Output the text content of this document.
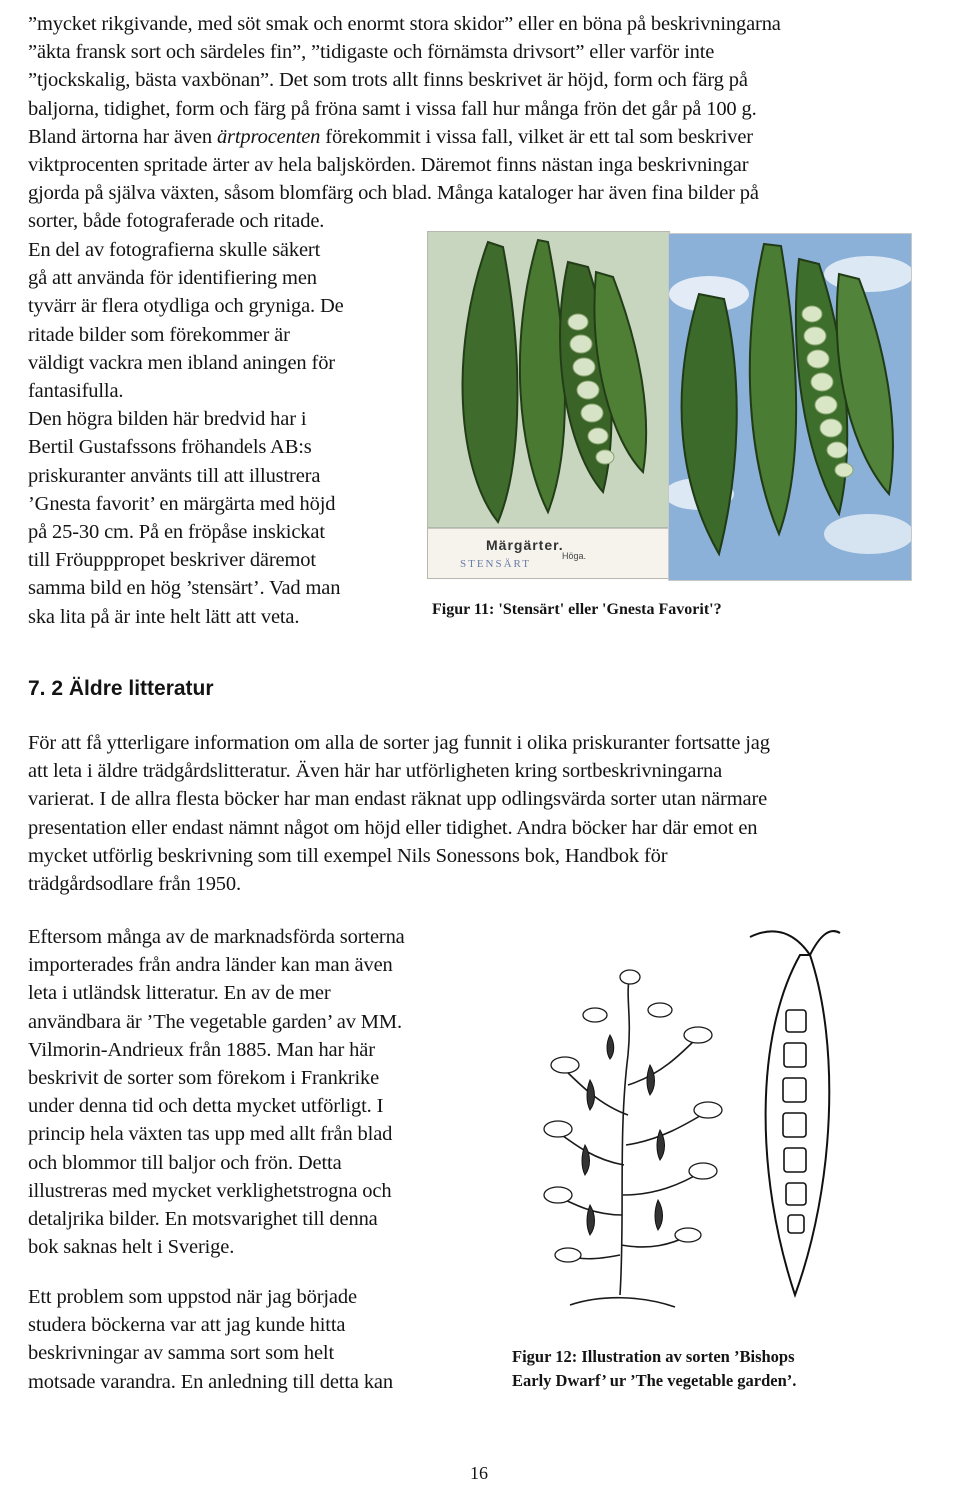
”mycket rikgivande, med söt smak och enormt stora skidor” eller en böna på beskrivningarna
”äkta fransk sort och särdeles fin”, ”tidigaste och förnämsta drivsort” eller varför inte
”tjockskalig, bästa vaxbönan”. Det som trots allt finns beskrivet är höjd, form och färg på
baljorna, tidighet, form och färg på fröna samt i vissa fall hur många frön det går på 100 g.
Bland ärtorna har även ärtprocenten förekommit i vissa fall, vilket är ett tal som beskriver
viktprocenten spritade ärter av hela baljskörden. Däremot finns nästan inga beskrivningar
gjorda på själva växten, såsom blomfärg och blad. Många kataloger har även fina bilder på
sorter, både fotograferade och ritade.
En del av fotografierna skulle säkert
gå att använda för identifiering men
tyvärr är flera otydliga och gryniga. De
ritade bilder som förekommer är
väldigt vackra men ibland aningen för
fantasifulla.
Den högra bilden här bredvid har i
Bertil Gustafssons fröhandels AB:s
priskuranter använts till att illustrera
’Gnesta favorit’ en märgärta med höjd
på 25-30 cm. På en fröpåse inskickat
till Fröupppropet beskriver däremot
samma bild en hög ’stensärt’. Vad man
ska lita på är inte helt lätt att veta.
Märgärter.
Höga.
STENSÄRT
Figur 11: 'Stensärt' eller 'Gnesta Favorit'?
7. 2 Äldre litteratur
För att få ytterligare information om alla de sorter jag funnit i olika priskuranter fortsatte jag
att leta i äldre trädgårdslitteratur. Även här har utförligheten kring sortbeskrivningarna
varierat. I de allra flesta böcker har man endast räknat upp odlingsvärda sorter utan närmare
presentation eller endast nämnt något om höjd eller tidighet. Andra böcker har där emot en
mycket utförlig beskrivning som till exempel Nils Sonessons bok, Handbok för
trädgårdsodlare från 1950.
Eftersom många av de marknadsförda sorterna
importerades från andra länder kan man även
leta i utländsk litteratur. En av de mer
användbara är ’The vegetable garden’ av MM.
Vilmorin-Andrieux från 1885. Man har här
beskrivit de sorter som förekom i Frankrike
under denna tid och detta mycket utförligt. I
princip hela växten tas upp med allt från blad
och blommor till baljor och frön. Detta
illustreras med mycket verklighetstrogna och
detaljrika bilder. En motsvarighet till denna
bok saknas helt i Sverige.
Ett problem som uppstod när jag började
studera böckerna var att jag kunde hitta
beskrivningar av samma sort som helt
motsade varandra. En anledning till detta kan
Figur 12: Illustration av sorten ’Bishops
Early Dwarf’ ur ’The vegetable garden’.
16
